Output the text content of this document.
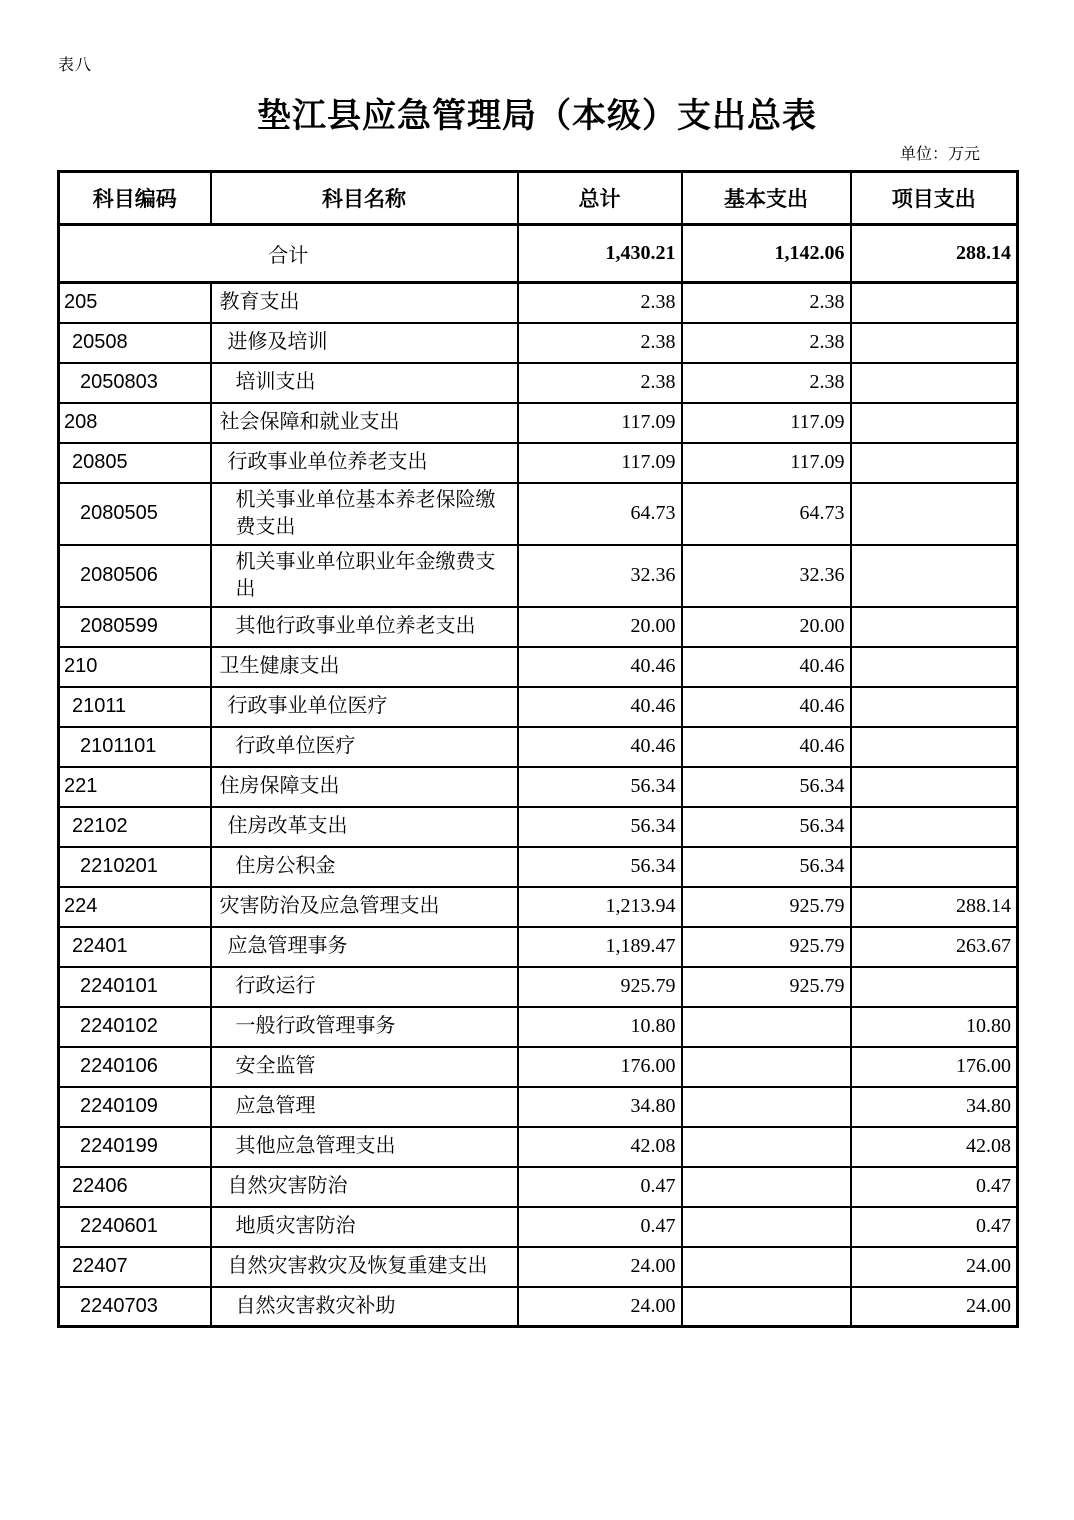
表八
垫江县应急管理局（本级）支出总表
单位：万元
科目编码	科目名称	总计	基本支出	项目支出
合计		1,430.21	1,142.06	288.14
205	教育支出	2.38	2.38	
20508	进修及培训	2.38	2.38	
2050803	培训支出	2.38	2.38	
208	社会保障和就业支出	117.09	117.09	
20805	行政事业单位养老支出	117.09	117.09	
2080505	机关事业单位基本养老保险缴费支出	64.73	64.73	
2080506	机关事业单位职业年金缴费支出	32.36	32.36	
2080599	其他行政事业单位养老支出	20.00	20.00	
210	卫生健康支出	40.46	40.46	
21011	行政事业单位医疗	40.46	40.46	
2101101	行政单位医疗	40.46	40.46	
221	住房保障支出	56.34	56.34	
22102	住房改革支出	56.34	56.34	
2210201	住房公积金	56.34	56.34	
224	灾害防治及应急管理支出	1,213.94	925.79	288.14
22401	应急管理事务	1,189.47	925.79	263.67
2240101	行政运行	925.79	925.79	
2240102	一般行政管理事务	10.80		10.80
2240106	安全监管	176.00		176.00
2240109	应急管理	34.80		34.80
2240199	其他应急管理支出	42.08		42.08
22406	自然灾害防治	0.47		0.47
2240601	地质灾害防治	0.47		0.47
22407	自然灾害救灾及恢复重建支出	24.00		24.00
2240703	自然灾害救灾补助	24.00		24.00
